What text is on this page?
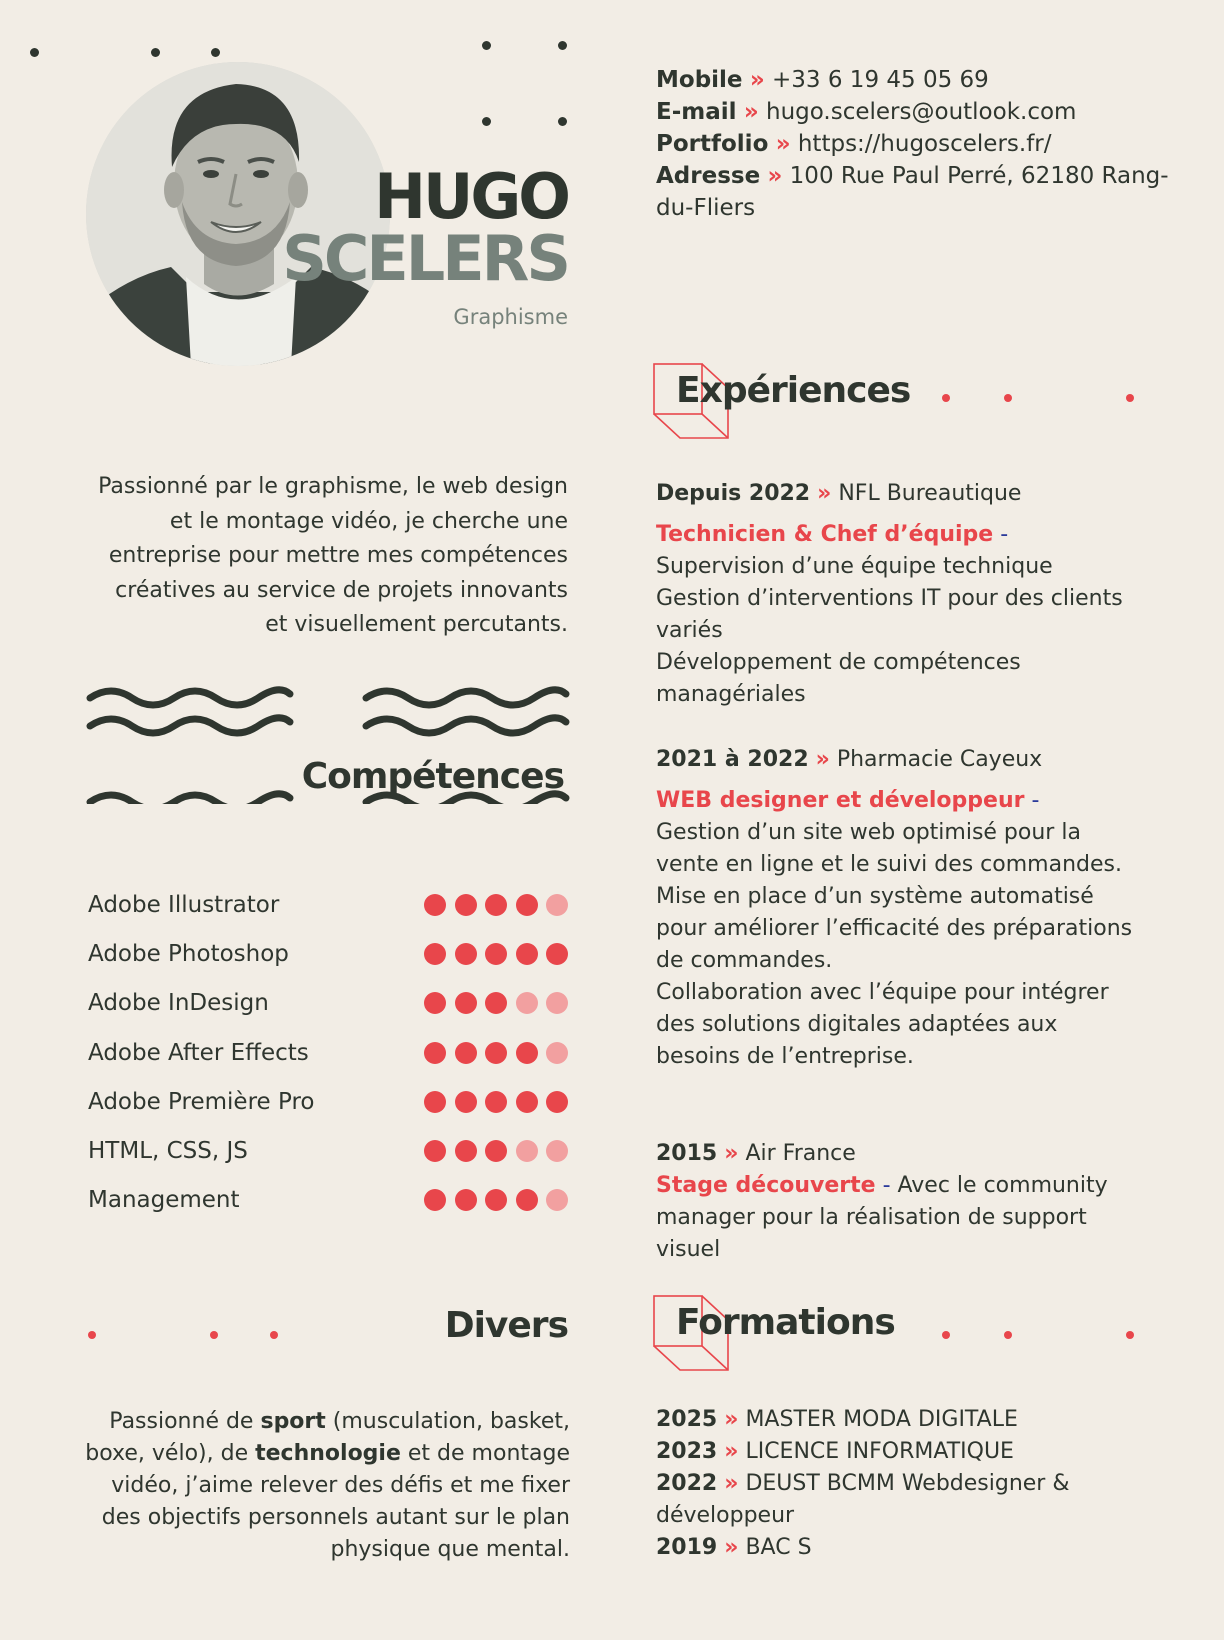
HUGO
SCELERS
Graphisme
Mobile » +33 6 19 45 05 69
E-mail » hugo.scelers@outlook.com
Portfolio » https://hugoscelers.fr/
Adresse » 100 Rue Paul Perré, 62180 Rang-du-Fliers
Passionné par le graphisme, le web design et le montage vidéo, je cherche une entreprise pour mettre mes compétences créatives au service de projets innovants et visuellement percutants.
Compétences
Adobe Illustrator
Adobe Photoshop
Adobe InDesign
Adobe After Effects
Adobe Première Pro
HTML, CSS, JS
Management
Divers
Passionné de sport (musculation, basket, boxe, vélo), de technologie et de montage vidéo, j’aime relever des défis et me fixer des objectifs personnels autant sur le plan physique que mental.
Expériences
Depuis 2022 » NFL Bureautique
Technicien & Chef d’équipe -
Supervision d’une équipe technique
Gestion d’interventions IT pour des clients variés
Développement de compétences managériales
2021 à 2022 » Pharmacie Cayeux
WEB designer et développeur -
Gestion d’un site web optimisé pour la vente en ligne et le suivi des commandes.
Mise en place d’un système automatisé pour améliorer l’efficacité des préparations de commandes.
Collaboration avec l’équipe pour intégrer des solutions digitales adaptées aux besoins de l’entreprise.
2015 » Air France
Stage découverte - Avec le community manager pour la réalisation de support visuel
Formations
2025 » MASTER MODA DIGITALE
2023 » LICENCE INFORMATIQUE
2022 » DEUST BCMM Webdesigner & développeur
2019 » BAC S
